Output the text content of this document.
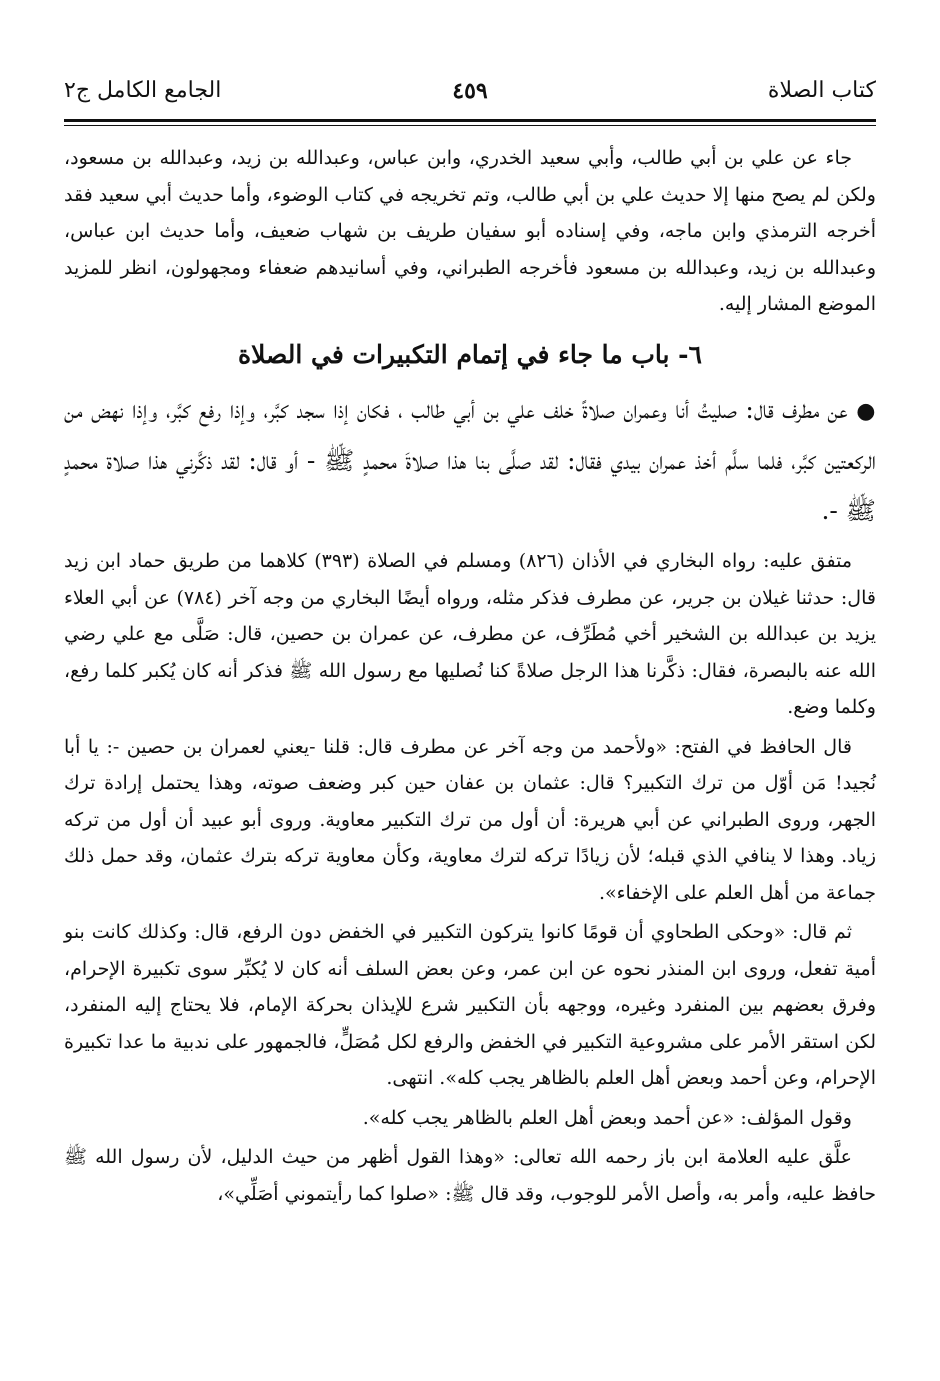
كتاب الصلاة
٤٥٩
الجامع الكامل ج٢

جاء عن علي بن أبي طالب، وأبي سعيد الخدري، وابن عباس، وعبدالله بن زيد، وعبدالله بن مسعود، ولكن لم يصح منها إلا حديث علي بن أبي طالب، وتم تخريجه في كتاب الوضوء، وأما حديث أبي سعيد فقد أخرجه الترمذي وابن ماجه، وفي إسناده أبو سفيان طريف بن شهاب ضعيف، وأما حديث ابن عباس، وعبدالله بن زيد، وعبدالله بن مسعود فأخرجه الطبراني، وفي أسانيدهم ضعفاء ومجهولون، انظر للمزيد الموضع المشار إليه.

٦- باب ما جاء في إتمام التكبيرات في الصلاة

● عن مطرف قال: صليتُ أنا وعمران صلاةً خلف علي بن أبي طالب ، فكان إذا سجد كبَّر، وإذا رفع كبَّر، وإذا نهض من الركعتين كبَّر، فلما سلَّم أخذ عمران بيدي فقال: لقد صلَّى بنا هذا صلاةَ محمدٍ ﷺ - أو قال: لقد ذكَّرني هذا صلاة محمدٍ ﷺ -.

متفق عليه: رواه البخاري في الأذان (٨٢٦) ومسلم في الصلاة (٣٩٣) كلاهما من طريق حماد ابن زيد قال: حدثنا غيلان بن جرير، عن مطرف فذكر مثله، ورواه أيضًا البخاري من وجه آخر (٧٨٤) عن أبي العلاء يزيد بن عبدالله بن الشخير أخي مُطَرِّف، عن مطرف، عن عمران بن حصين، قال: صَلَّى مع علي رضي الله عنه بالبصرة، فقال: ذكَّرنا هذا الرجل صلاةً كنا نُصليها مع رسول الله ﷺ فذكر أنه كان يُكبر كلما رفع، وكلما وضع.

قال الحافظ في الفتح: «ولأحمد من وجه آخر عن مطرف قال: قلنا -يعني لعمران بن حصين -: يا أبا نُجيد! مَن أوّل من ترك التكبير؟ قال: عثمان بن عفان حين كبر وضعف صوته، وهذا يحتمل إرادة ترك الجهر، وروى الطبراني عن أبي هريرة: أن أول من ترك التكبير معاوية. وروى أبو عبيد أن أول من تركه زياد. وهذا لا ينافي الذي قبله؛ لأن زيادًا تركه لترك معاوية، وكأن معاوية تركه بترك عثمان، وقد حمل ذلك جماعة من أهل العلم على الإخفاء».

ثم قال: «وحكى الطحاوي أن قومًا كانوا يتركون التكبير في الخفض دون الرفع، قال: وكذلك كانت بنو أمية تفعل، وروى ابن المنذر نحوه عن ابن عمر، وعن بعض السلف أنه كان لا يُكبِّر سوى تكبيرة الإحرام، وفرق بعضهم بين المنفرد وغيره، ووجهه بأن التكبير شرع للإيذان بحركة الإمام، فلا يحتاج إليه المنفرد، لكن استقر الأمر على مشروعية التكبير في الخفض والرفع لكل مُصَلٍّ، فالجمهور على ندبية ما عدا تكبيرة الإحرام، وعن أحمد وبعض أهل العلم بالظاهر يجب كله». انتهى.

وقول المؤلف: «عن أحمد وبعض أهل العلم بالظاهر يجب كله».

علَّق عليه العلامة ابن باز رحمه الله تعالى: «وهذا القول أظهر من حيث الدليل، لأن رسول الله ﷺ حافظ عليه، وأمر به، وأصل الأمر للوجوب، وقد قال ﷺ: «صلوا كما رأيتموني أصَلِّي»،
